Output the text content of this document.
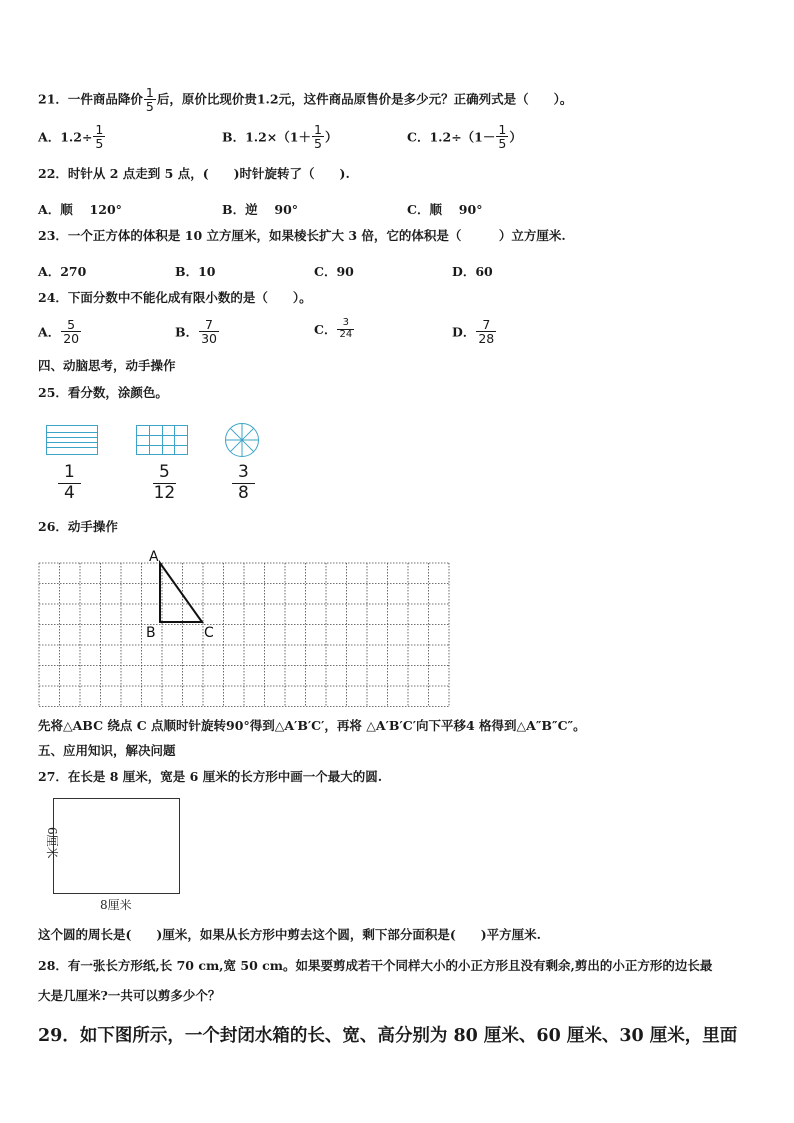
21．一件商品降价 $\frac{1}{5}$ 后，原价比现价贵1.2元，这件商品原售价是多少元？正确列式是（　　）。
A．$1.2\div \frac{1}{5}$	B．$1.2\times(1+ \frac{1}{5}$ ）	C．$1.2\div(1- \frac{1}{5}$ ）
22．时针从 2 点走到 5 点，(　　)时针旋转了（　　).
A．顺　 120°	B．逆　 90°	C．顺　 90°
23．一个正方体的体积是 10 立方厘米，如果棱长扩大 3 倍，它的体积是（　　　）立方厘米.
A．270	B．10	C．90	D．60
24．下面分数中不能化成有限小数的是（　　）。
A． $\frac{5}{20}$	B． $\frac{7}{30}$	C． $\frac{3}{24}$	D． $\frac{7}{28}$
四、动脑思考，动手操作
25．看分数，涂颜色。
$\frac{1}{4}$	$\frac{5}{12}$	$\frac{3}{8}$
26．动手操作
A
B	C
先将△ABC 绕点 C 点顺时针旋转90°得到△A′B′C′，再将 △A′B′C′向下平移4 格得到△A″B″C″。
五、应用知识，解决问题
27．在长是 8 厘米，宽是 6 厘米的长方形中画一个最大的圆.
8厘米
6厘米
这个圆的周长是(　　)厘米，如果从长方形中剪去这个圆，剩下部分面积是(　　)平方厘米.
28．有一张长方形纸,长 70 cm,宽 50 cm。如果要剪成若干个同样大小的小正方形且没有剩余,剪出的小正方形的边长最
大是几厘米?一共可以剪多少个？
29．如下图所示，一个封闭水箱的长、宽、高分别为 80 厘米、60 厘米、30 厘米，里面
